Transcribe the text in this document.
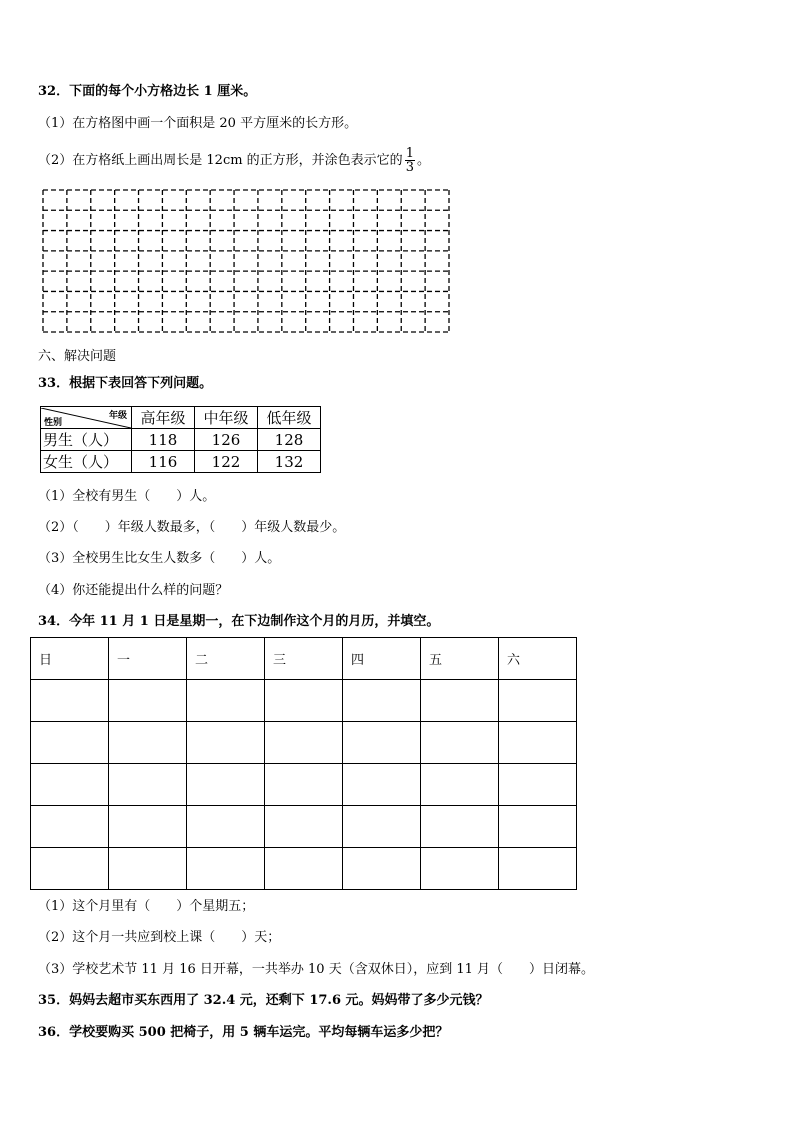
32．下面的每个小方格边长 1 厘米。
（1）在方格图中画一个面积是 20 平方厘米的长方形。
（2）在方格纸上画出周长是 12cm 的正方形，并涂色表示它的 $\frac{1}{3}$ 。
六、解决问题
33．根据下表回答下列问题。
年级
性别	高年级	中年级	低年级
男生（人）	118	126	128
女生（人）	116	122	132
（1）全校有男生（　　）人。
（2）（　　）年级人数最多，（　　）年级人数最少。
（3）全校男生比女生人数多（　　）人。
（4）你还能提出什么样的问题？
34．今年 11 月 1 日是星期一，在下边制作这个月的月历，并填空。
日	一	二	三	四	五	六

（1）这个月里有（　　）个星期五；
（2）这个月一共应到校上课（　　）天；
（3）学校艺术节 11 月 16 日开幕，一共举办 10 天（含双休日），应到 11 月（　　）日闭幕。
35．妈妈去超市买东西用了 32.4 元，还剩下 17.6 元。妈妈带了多少元钱？
36．学校要购买 500 把椅子，用 5 辆车运完。平均每辆车运多少把？
